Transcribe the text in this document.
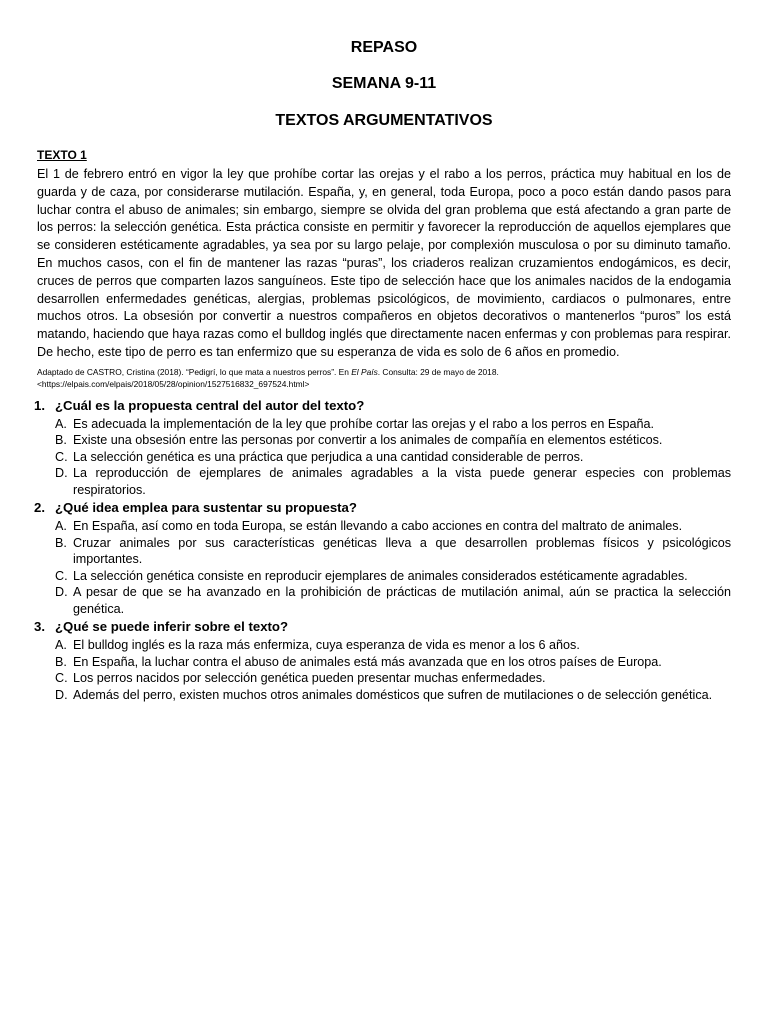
REPASO
SEMANA 9-11
TEXTOS ARGUMENTATIVOS
TEXTO 1

El 1 de febrero entró en vigor la ley que prohíbe cortar las orejas y el rabo a los perros, práctica muy habitual en los de guarda y de caza, por considerarse mutilación. España, y, en general, toda Europa, poco a poco están dando pasos para luchar contra el abuso de animales; sin embargo, siempre se olvida del gran problema que está afectando a gran parte de los perros: la selección genética. Esta práctica consiste en permitir y favorecer la reproducción de aquellos ejemplares que se consideren estéticamente agradables, ya sea por su largo pelaje, por complexión musculosa o por su diminuto tamaño. En muchos casos, con el fin de mantener las razas “puras”, los criaderos realizan cruzamientos endogámicos, es decir, cruces de perros que comparten lazos sanguíneos. Este tipo de selección hace que los animales nacidos de la endogamia desarrollen enfermedades genéticas, alergias, problemas psicológicos, de movimiento, cardiacos o pulmonares, entre muchos otros. La obsesión por convertir a nuestros compañeros en objetos decorativos o mantenerlos “puros” los está matando, haciendo que haya razas como el bulldog inglés que directamente nacen enfermas y con problemas para respirar. De hecho, este tipo de perro es tan enfermizo que su esperanza de vida es solo de 6 años en promedio.

Adaptado de CASTRO, Cristina (2018). “Pedigrí, lo que mata a nuestros perros”. En El País. Consulta: 29 de mayo de 2018.
<https://elpais.com/elpais/2018/05/28/opinion/1527516832_697524.html>
1. ¿Cuál es la propuesta central del autor del texto?
A. Es adecuada la implementación de la ley que prohíbe cortar las orejas y el rabo a los perros en España.
B. Existe una obsesión entre las personas por convertir a los animales de compañía en elementos estéticos.
C. La selección genética es una práctica que perjudica a una cantidad considerable de perros.
D. La reproducción de ejemplares de animales agradables a la vista puede generar especies con problemas respiratorios.
2. ¿Qué idea emplea para sustentar su propuesta?
A. En España, así como en toda Europa, se están llevando a cabo acciones en contra del maltrato de animales.
B. Cruzar animales por sus características genéticas lleva a que desarrollen problemas físicos y psicológicos importantes.
C. La selección genética consiste en reproducir ejemplares de animales considerados estéticamente agradables.
D. A pesar de que se ha avanzado en la prohibición de prácticas de mutilación animal, aún se practica la selección genética.
3. ¿Qué se puede inferir sobre el texto?
A. El bulldog inglés es la raza más enfermiza, cuya esperanza de vida es menor a los 6 años.
B. En España, la luchar contra el abuso de animales está más avanzada que en los otros países de Europa.
C. Los perros nacidos por selección genética pueden presentar muchas enfermedades.
D. Además del perro, existen muchos otros animales domésticos que sufren de mutilaciones o de selección genética.
